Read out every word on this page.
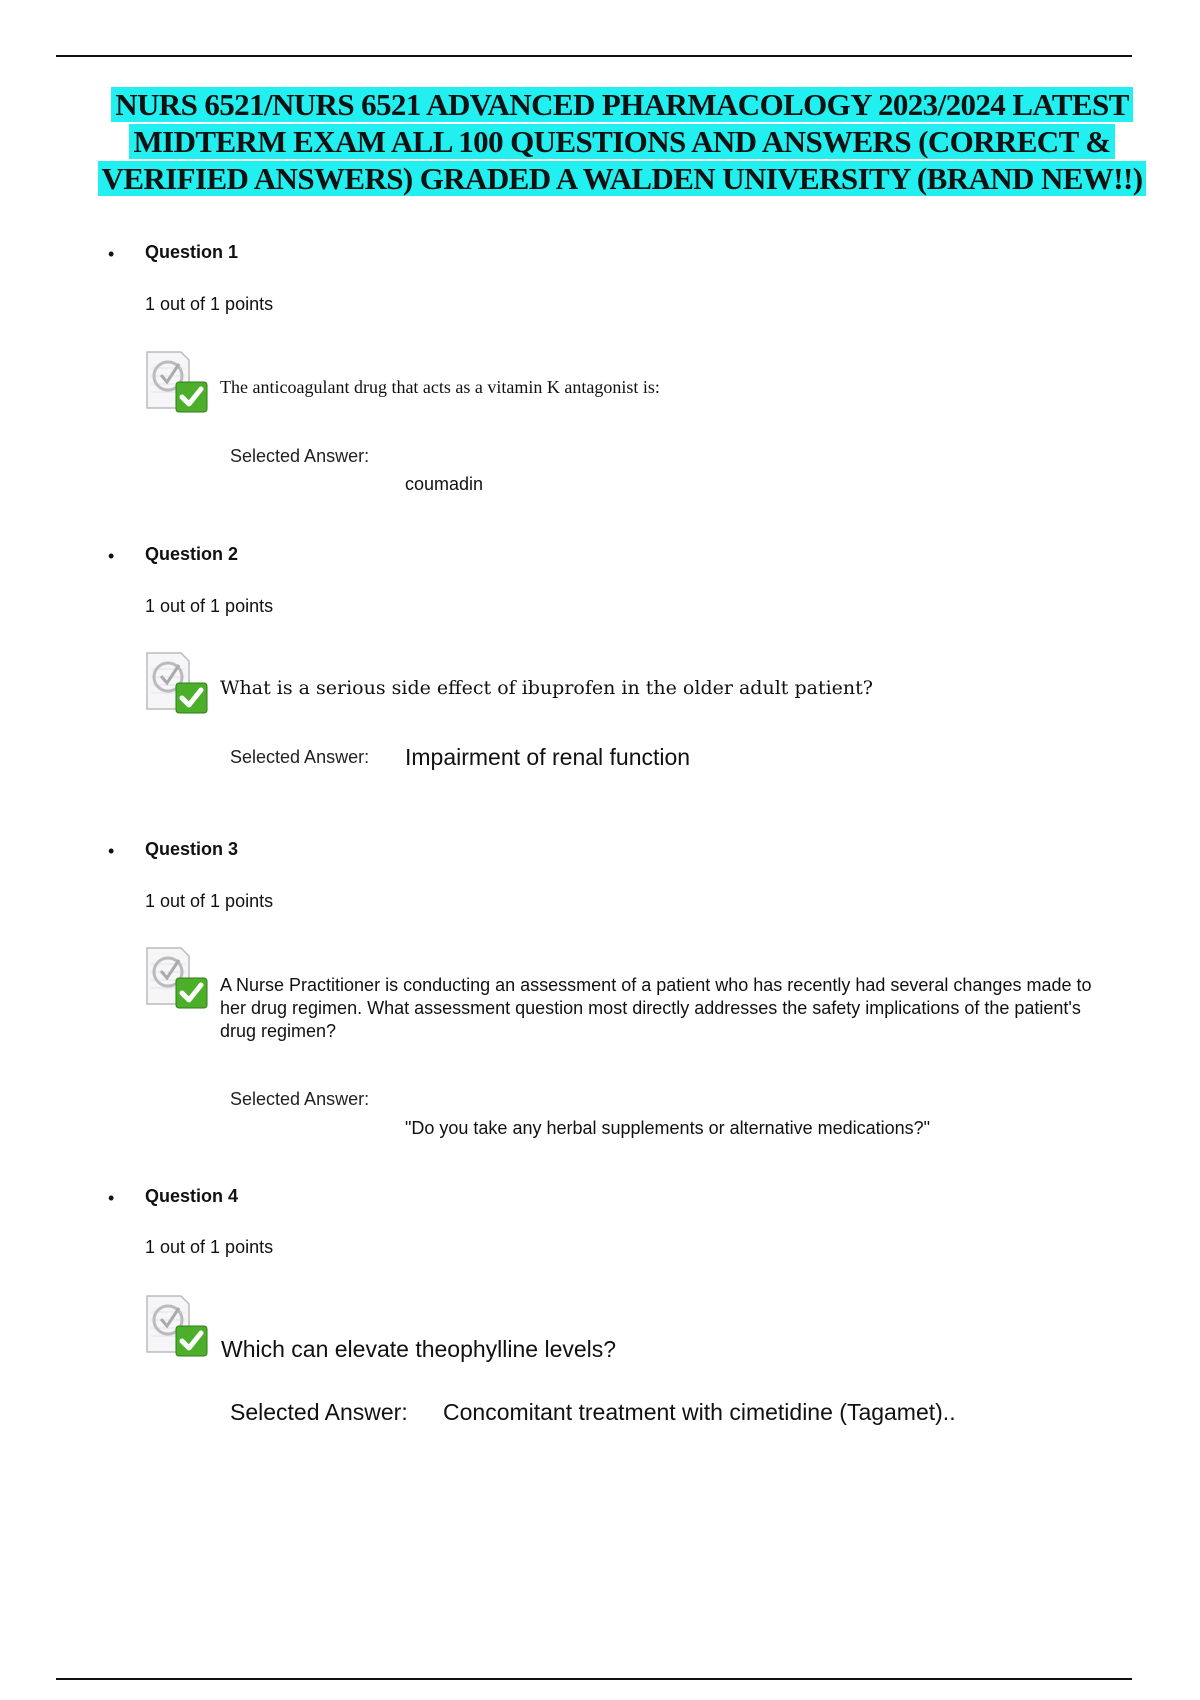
NURS 6521/NURS 6521 ADVANCED PHARMACOLOGY 2023/2024 LATEST
MIDTERM EXAM ALL 100 QUESTIONS AND ANSWERS (CORRECT &
VERIFIED ANSWERS) GRADED A WALDEN UNIVERSITY (BRAND NEW!!)
• Question 1
1 out of 1 points
The anticoagulant drug that acts as a vitamin K antagonist is:
Selected Answer:
coumadin
• Question 2
1 out of 1 points
What is a serious side effect of ibuprofen in the older adult patient?
Selected Answer: Impairment of renal function
• Question 3
1 out of 1 points
A Nurse Practitioner is conducting an assessment of a patient who has recently had several changes made to
her drug regimen. What assessment question most directly addresses the safety implications of the patient's
drug regimen?
Selected Answer:
"Do you take any herbal supplements or alternative medications?"
• Question 4
1 out of 1 points
Which can elevate theophylline levels?
Selected Answer: Concomitant treatment with cimetidine (Tagamet)..
